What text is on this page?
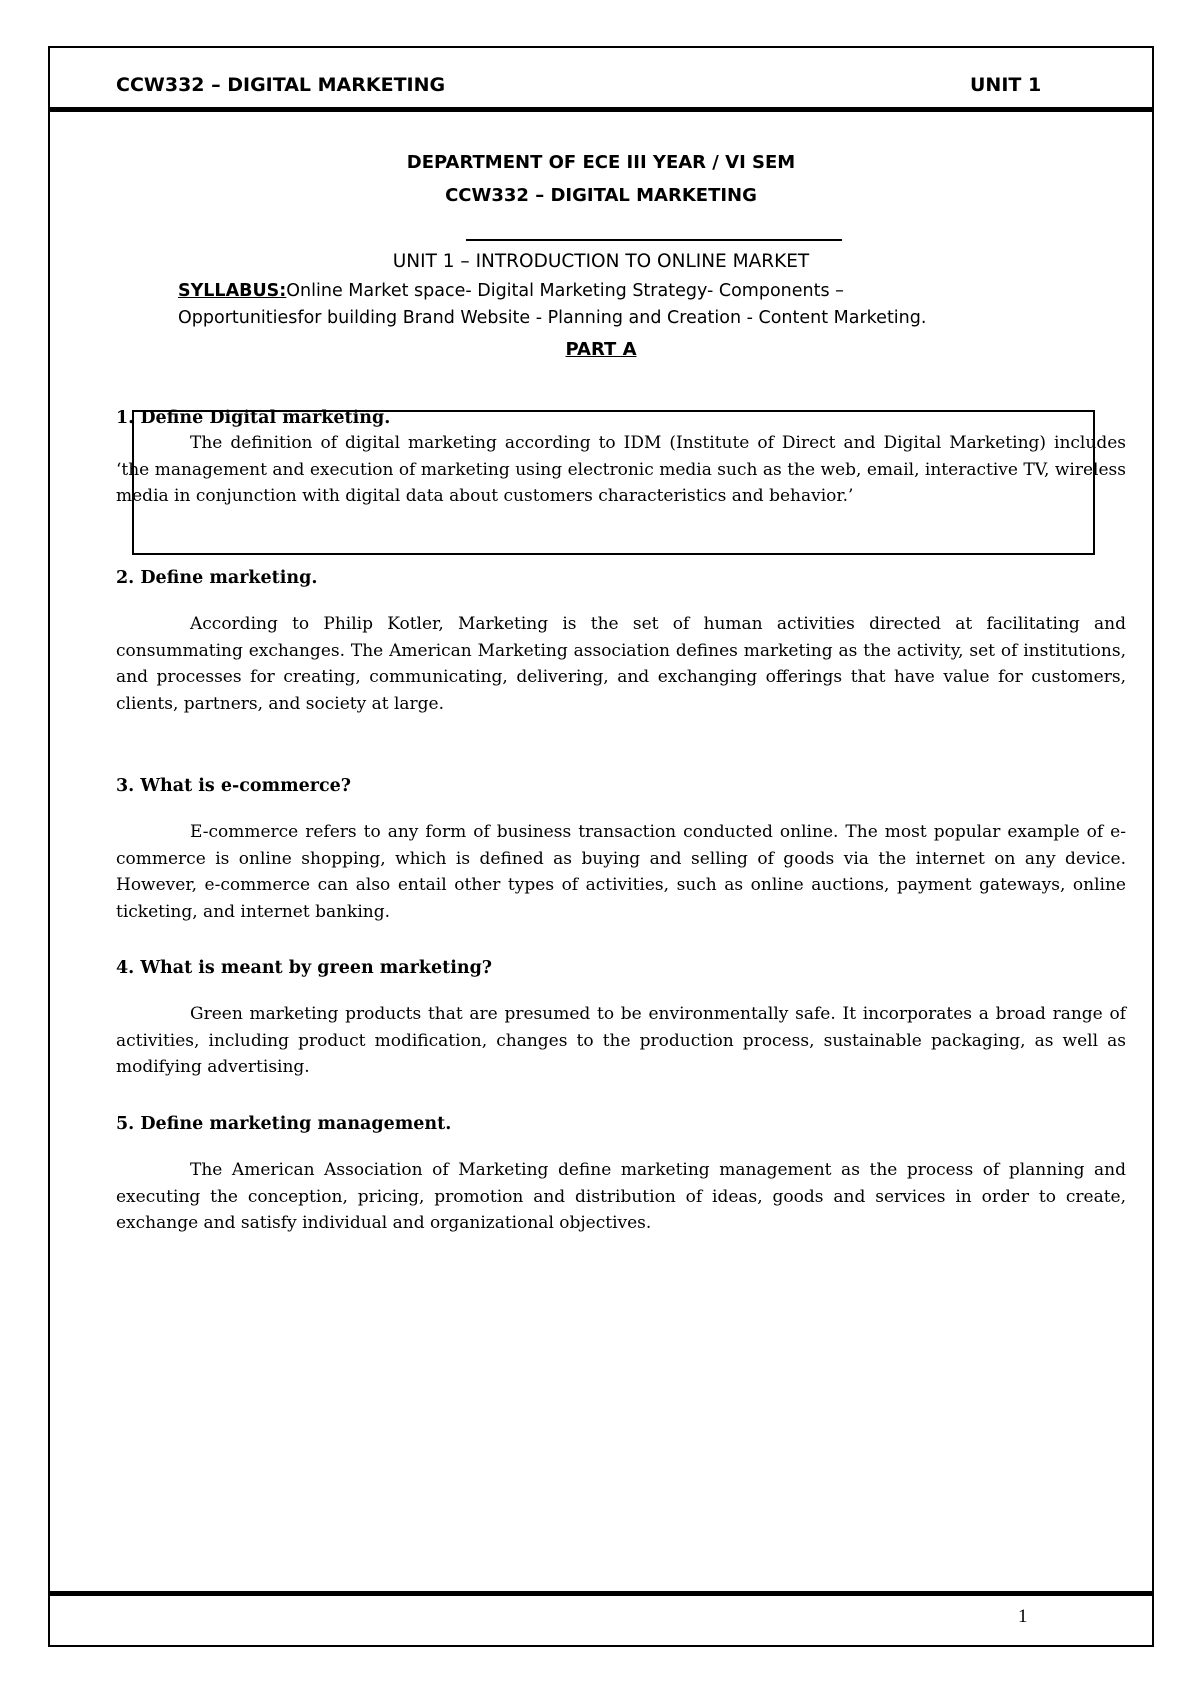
CCW332 – DIGITAL MARKETING	UNIT 1
DEPARTMENT OF ECE III YEAR / VI SEM
CCW332 – DIGITAL MARKETING
UNIT 1 – INTRODUCTION TO ONLINE MARKET
SYLLABUS:Online Market space- Digital Marketing Strategy- Components –
Opportunitiesfor building Brand Website - Planning and Creation - Content Marketing.
PART A

1. Define Digital marketing.

The definition of digital marketing according to IDM (Institute of Direct and Digital Marketing) includes ‘the management and execution of marketing using electronic media such as the web, email, interactive TV, wireless media in conjunction with digital data about customers characteristics and behavior.’

2. Define marketing.

According to Philip Kotler, Marketing is the set of human activities directed at facilitating and consummating exchanges. The American Marketing association defines marketing as the activity, set of institutions, and processes for creating, communicating, delivering, and exchanging offerings that have value for customers, clients, partners, and society at large.

3. What is e-commerce?

E-commerce refers to any form of business transaction conducted online. The most popular example of e-commerce is online shopping, which is defined as buying and selling of goods via the internet on any device. However, e-commerce can also entail other types of activities, such as online auctions, payment gateways, online ticketing, and internet banking.

4. What is meant by green marketing?

Green marketing products that are presumed to be environmentally safe. It incorporates a broad range of activities, including product modification, changes to the production process, sustainable packaging, as well as modifying advertising.

5. Define marketing management.

The American Association of Marketing define marketing management as the process of planning and executing the conception, pricing, promotion and distribution of ideas, goods and services in order to create, exchange and satisfy individual and organizational objectives.

1
